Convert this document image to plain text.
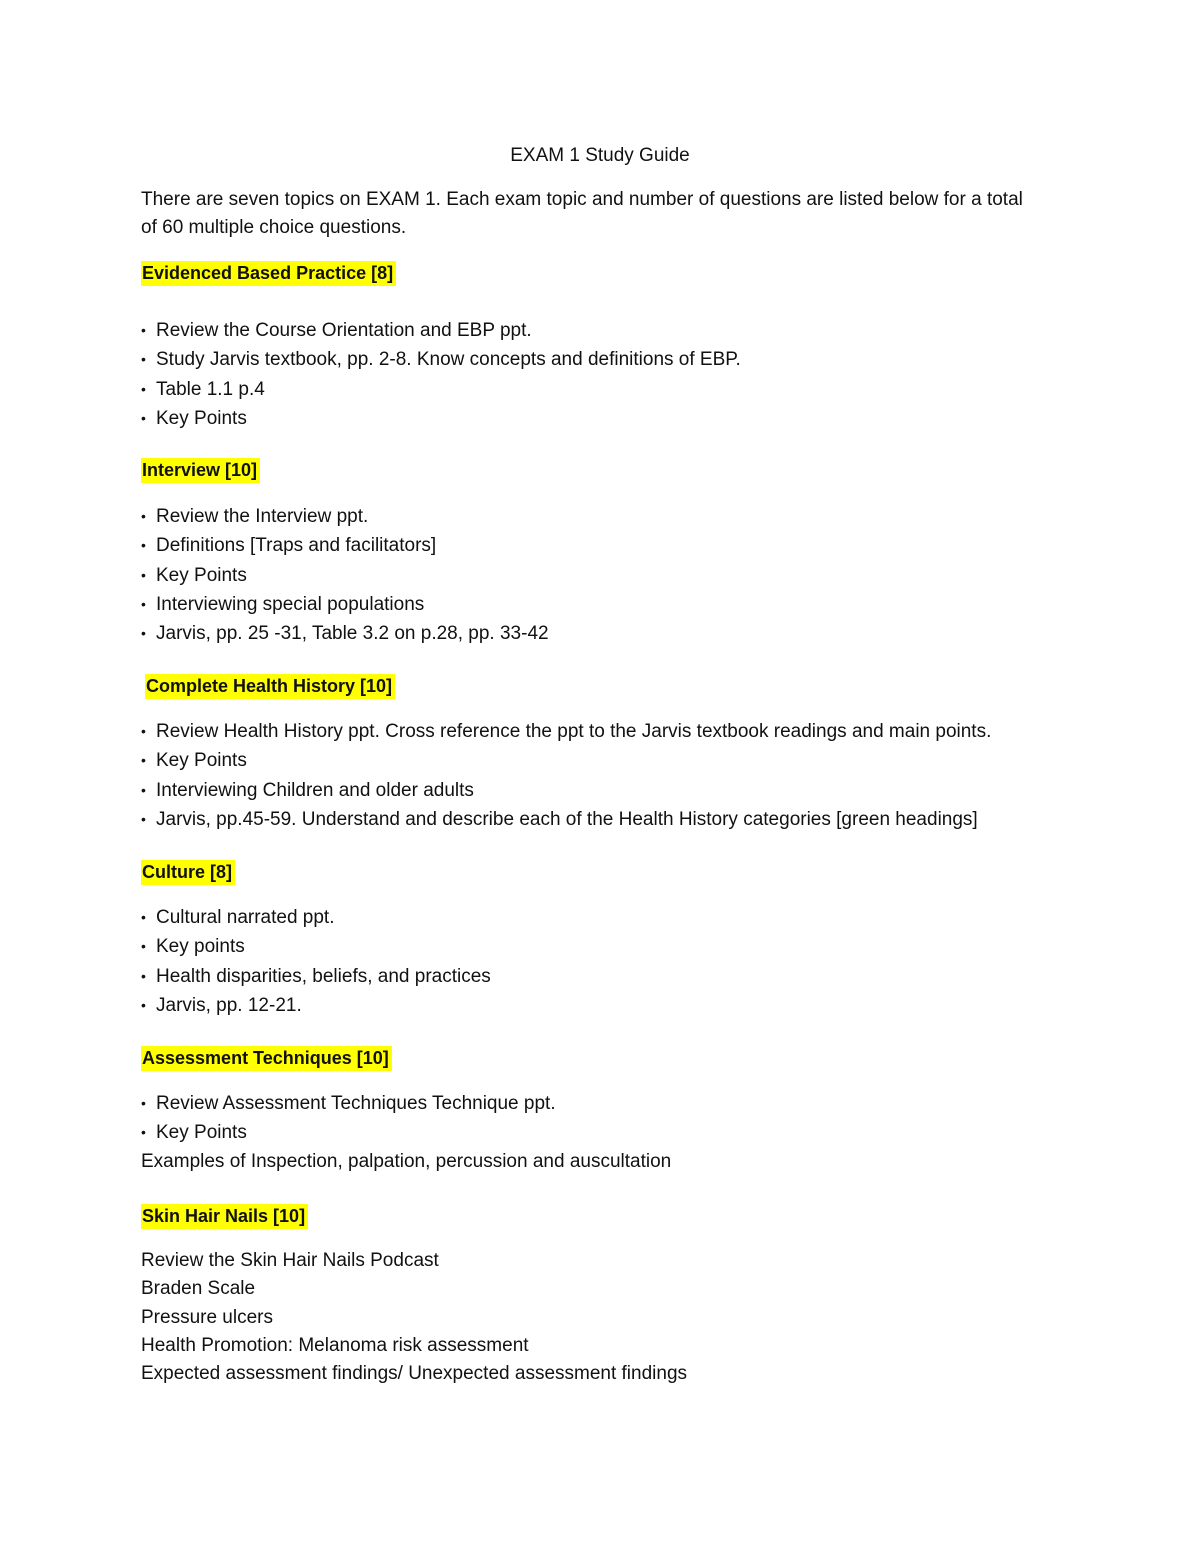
EXAM 1 Study Guide
There are seven topics on EXAM 1. Each exam topic and number of questions are listed below for a total
of 60 multiple choice questions.
Evidenced Based Practice [8]
• Review the Course Orientation and EBP ppt.
• Study Jarvis textbook, pp. 2-8. Know concepts and definitions of EBP.
• Table 1.1 p.4
• Key Points
Interview [10]
• Review the Interview ppt.
• Definitions [Traps and facilitators]
• Key Points
• Interviewing special populations
• Jarvis, pp. 25 -31, Table 3.2 on p.28, pp. 33-42
Complete Health History [10]
• Review Health History ppt. Cross reference the ppt to the Jarvis textbook readings and main points.
• Key Points
• Interviewing Children and older adults
• Jarvis, pp.45-59. Understand and describe each of the Health History categories [green headings]
Culture [8]
• Cultural narrated ppt.
• Key points
• Health disparities, beliefs, and practices
• Jarvis, pp. 12-21.
Assessment Techniques [10]
• Review Assessment Techniques Technique ppt.
• Key Points
Examples of Inspection, palpation, percussion and auscultation
Skin Hair Nails [10]
Review the Skin Hair Nails Podcast
Braden Scale
Pressure ulcers
Health Promotion: Melanoma risk assessment
Expected assessment findings/ Unexpected assessment findings
